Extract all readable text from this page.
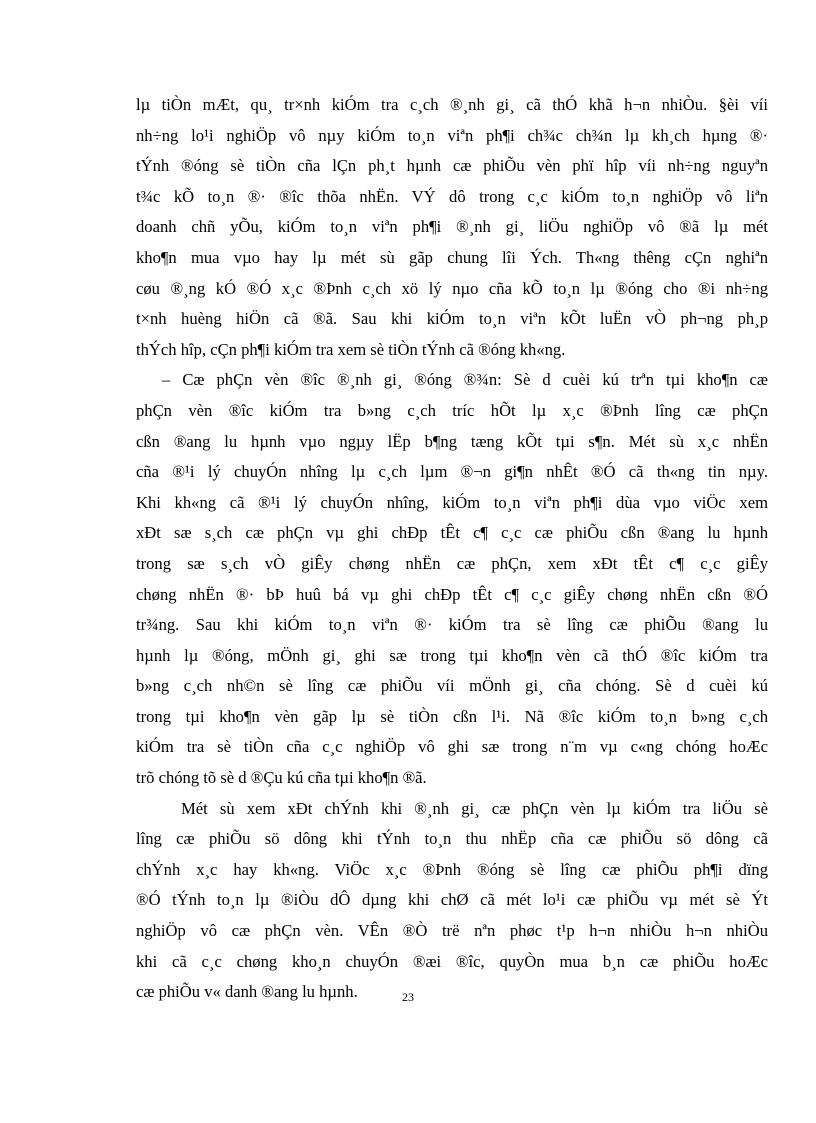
lµ tiÒn mÆt, qu¸ tr×nh kiÓm tra c¸ch ®¸nh gi¸ cã thÓ khã h¬n nhiÒu. §èi víi
nh÷ng lo¹i nghiÖp vô nµy kiÓm to¸n viªn ph¶i ch¾c ch¾n lµ kh¸ch hµng ®·
tÝnh ®óng sè tiÒn cña lÇn ph¸t hµnh cæ phiÕu vèn phï hîp víi nh÷ng nguyªn
t¾c kÕ to¸n ®· ®îc thõa nhËn. VÝ dô trong c¸c kiÓm to¸n nghiÖp vô liªn
doanh chñ yÕu, kiÓm to¸n viªn ph¶i ®¸nh gi¸ liÖu nghiÖp vô ®ã lµ mét
kho¶n mua vµo hay lµ mét sù gãp chung lîi Ých. Th«ng thêng cÇn nghiªn
cøu ®¸ng kÓ ®Ó x¸c ®Þnh c¸ch xö lý nµo cña kÕ to¸n lµ ®óng cho ®i nh÷ng
t×nh huèng hiÖn cã ®ã. Sau khi kiÓm to¸n viªn kÕt luËn vÒ ph¬ng ph¸p
thÝch hîp, cÇn ph¶i kiÓm tra xem sè tiÒn tÝnh cã ®óng kh«ng.
– Cæ phÇn vèn ®îc ®¸nh gi¸ ®óng ®¾n: Sè d cuèi kú trªn tµi kho¶n cæ
phÇn vèn ®îc kiÓm tra b»ng c¸ch tríc hÕt lµ x¸c ®Þnh lîng cæ phÇn
cßn ®ang lu hµnh vµo ngµy lËp b¶ng tæng kÕt tµi s¶n. Mét sù x¸c nhËn
cña ®¹i lý chuyÓn nhîng lµ c¸ch lµm ®¬n gi¶n nhÊt ®Ó cã th«ng tin nµy.
Khi kh«ng cã ®¹i lý chuyÓn nhîng, kiÓm to¸n viªn ph¶i dùa vµo viÖc xem
xÐt sæ s¸ch cæ phÇn vµ ghi chÐp tÊt c¶ c¸c cæ phiÕu cßn ®ang lu hµnh
trong sæ s¸ch vÒ giÊy chøng nhËn cæ phÇn, xem xÐt tÊt c¶ c¸c giÊy
chøng nhËn ®· bÞ huû bá vµ ghi chÐp tÊt c¶ c¸c giÊy chøng nhËn cßn ®Ó
tr¾ng. Sau khi kiÓm to¸n viªn ®· kiÓm tra sè lîng cæ phiÕu ®ang lu
hµnh lµ ®óng, mÖnh gi¸ ghi sæ trong tµi kho¶n vèn cã thÓ ®îc kiÓm tra
b»ng c¸ch nh©n sè lîng cæ phiÕu víi mÖnh gi¸ cña chóng. Sè d cuèi kú
trong tµi kho¶n vèn gãp lµ sè tiÒn cßn l¹i. Nã ®îc kiÓm to¸n b»ng c¸ch
kiÓm tra sè tiÒn cña c¸c nghiÖp vô ghi sæ trong n¨m vµ c«ng chóng hoÆc
trõ chóng tõ sè d ®Çu kú cña tµi kho¶n ®ã.
Mét sù xem xÐt chÝnh khi ®¸nh gi¸ cæ phÇn vèn lµ kiÓm tra liÖu sè
lîng cæ phiÕu sö dông khi tÝnh to¸n thu nhËp cña cæ phiÕu sö dông cã
chÝnh x¸c hay kh«ng. ViÖc x¸c ®Þnh ®óng sè lîng cæ phiÕu ph¶i dïng
®Ó tÝnh to¸n lµ ®iÒu dÔ dµng khi chØ cã mét lo¹i cæ phiÕu vµ mét sè Ýt
nghiÖp vô cæ phÇn vèn. VÊn ®Ò trë nªn phøc t¹p h¬n nhiÒu h¬n nhiÒu
khi cã c¸c chøng kho¸n chuyÓn ®æi ®îc, quyÒn mua b¸n cæ phiÕu hoÆc
cæ phiÕu v« danh ®ang lu hµnh.	23
